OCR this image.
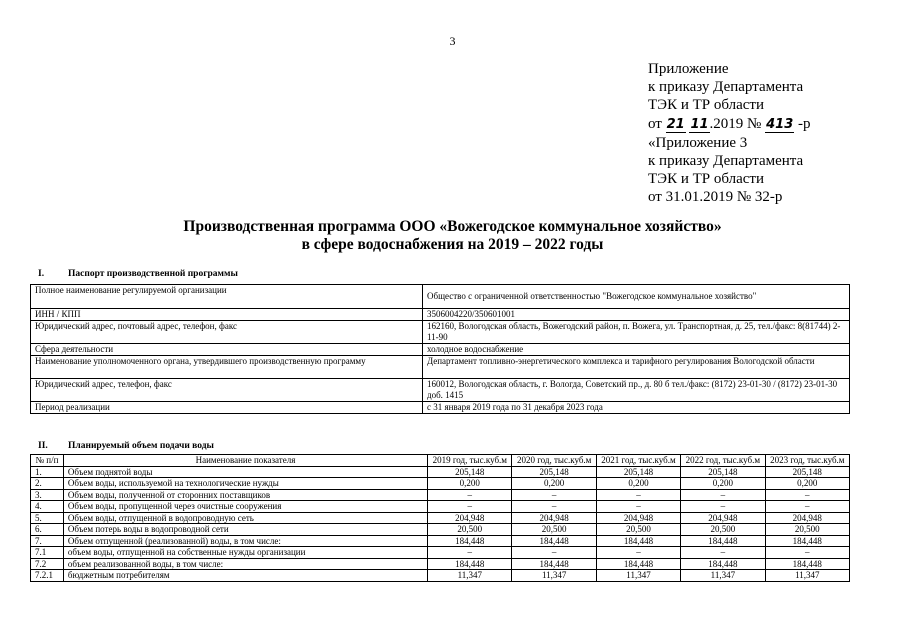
3
Приложение
к приказу Департамента
ТЭК и ТР области
от 21 11.2019 № 413 -р
«Приложение 3
к приказу Департамента
ТЭК и ТР области
от 31.01.2019 № 32-р
Производственная программа ООО «Вожегодское коммунальное хозяйство»
в сфере водоснабжения на 2019 – 2022 годы
I.	Паспорт производственной программы
Полное наименование регулируемой организации	Общество с ограниченной ответственностью "Вожегодское коммунальное хозяйство"
ИНН / КПП	3506004220/350601001
Юридический адрес, почтовый адрес, телефон, факс	162160, Вологодская область, Вожегодский район, п. Вожега, ул. Транспортная, д. 25, тел./факс: 8(81744) 2-11-90
Сфера деятельности	холодное водоснабжение
Наименование уполномоченного органа, утвердившего производственную программу	Департамент топливно-энергетического комплекса и тарифного регулирования Вологодской области
Юридический адрес, телефон, факс	160012, Вологодская область, г. Вологда, Советский пр., д. 80 б тел./факс: (8172) 23-01-30 / (8172) 23-01-30 доб. 1415
Период реализации	с 31 января 2019 года по 31 декабря 2023 года
II. Планируемый объем подачи воды
№ п/п	Наименование показателя	2019 год, тыс.куб.м	2020 год, тыс.куб.м	2021 год, тыс.куб.м	2022 год, тыс.куб.м	2023 год, тыс.куб.м
1.	Объем поднятой воды	205,148	205,148	205,148	205,148	205,148
2.	Объем воды, используемой на технологические нужды	0,200	0,200	0,200	0,200	0,200
3.	Объем воды, полученной от сторонних поставщиков	–	–	–	–	–
4.	Объем воды, пропущенной через очистные сооружения	–	–	–	–	–
5.	Объем воды, отпущенной в водопроводную сеть	204,948	204,948	204,948	204,948	204,948
6.	Объем потерь воды в водопроводной сети	20,500	20,500	20,500	20,500	20,500
7.	Объем отпущенной (реализованной) воды, в том числе:	184,448	184,448	184,448	184,448	184,448
7.1	объем воды, отпущенной на собственные нужды организации	–	–	–	–	–
7.2	объем реализованной воды, в том числе:	184,448	184,448	184,448	184,448	184,448
7.2.1	бюджетным потребителям	11,347	11,347	11,347	11,347	11,347
